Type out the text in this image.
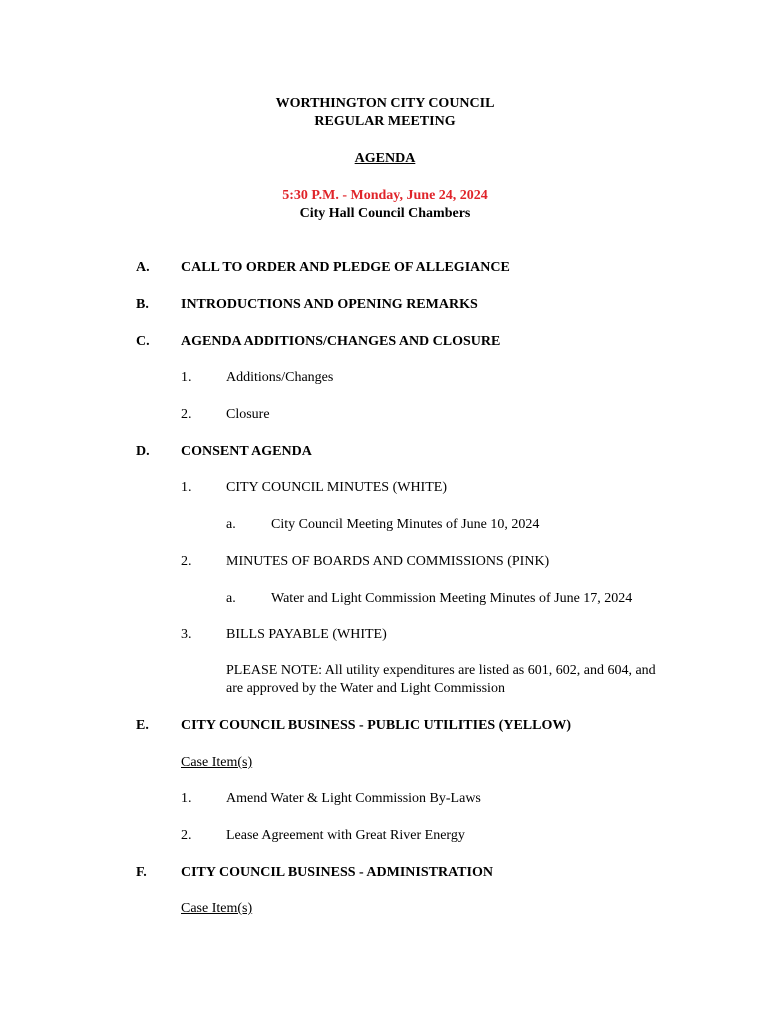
WORTHINGTON CITY COUNCIL
REGULAR MEETING
AGENDA
5:30 P.M. - Monday, June 24, 2024
City Hall Council Chambers
A. CALL TO ORDER AND PLEDGE OF ALLEGIANCE
B. INTRODUCTIONS AND OPENING REMARKS
C. AGENDA ADDITIONS/CHANGES AND CLOSURE
1. Additions/Changes
2. Closure
D. CONSENT AGENDA
1. CITY COUNCIL MINUTES (WHITE)
a.	City Council Meeting Minutes of June 10, 2024
2. MINUTES OF BOARDS AND COMMISSIONS (PINK)
a.	Water and Light Commission Meeting Minutes of June 17, 2024
3. BILLS PAYABLE (WHITE)
PLEASE NOTE: All utility expenditures are listed as 601, 602, and 604, and
are approved by the Water and Light Commission
E. CITY COUNCIL BUSINESS - PUBLIC UTILITIES (YELLOW)
Case Item(s)
1. Amend Water & Light Commission By-Laws
2. Lease Agreement with Great River Energy
F. CITY COUNCIL BUSINESS - ADMINISTRATION
Case Item(s)
